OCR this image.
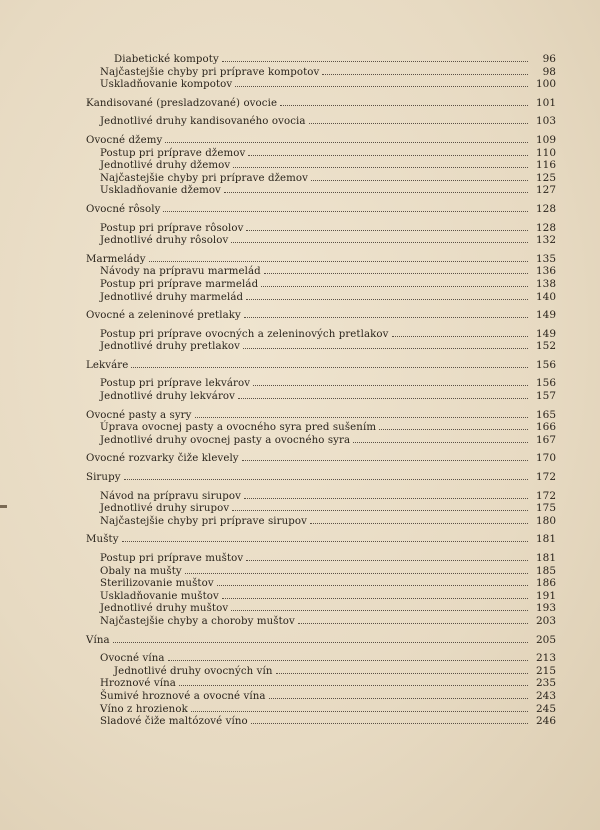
Diabetické kompoty	96
Najčastejšie chyby pri príprave kompotov	98
Uskladňovanie kompotov	100
Kandisované (presladzované) ovocie	101
Jednotlivé druhy kandisovaného ovocia	103
Ovocné džemy	109
Postup pri príprave džemov	110
Jednotlivé druhy džemov	116
Najčastejšie chyby pri príprave džemov	125
Uskladňovanie džemov	127
Ovocné rôsoly	128
Postup pri príprave rôsolov	128
Jednotlivé druhy rôsolov	132
Marmelády	135
Návody na prípravu marmelád	136
Postup pri príprave marmelád	138
Jednotlivé druhy marmelád	140
Ovocné a zeleninové pretlaky	149
Postup pri príprave ovocných a zeleninových pretlakov	149
Jednotlivé druhy pretlakov	152
Lekváre	156
Postup pri príprave lekvárov	156
Jednotlivé druhy lekvárov	157
Ovocné pasty a syry	165
Úprava ovocnej pasty a ovocného syra pred sušením	166
Jednotlivé druhy ovocnej pasty a ovocného syra	167
Ovocné rozvarky čiže klevely	170
Sirupy	172
Návod na prípravu sirupov	172
Jednotlivé druhy sirupov	175
Najčastejšie chyby pri príprave sirupov	180
Mušty	181
Postup pri príprave muštov	181
Obaly na mušty	185
Sterilizovanie muštov	186
Uskladňovanie muštov	191
Jednotlivé druhy muštov	193
Najčastejšie chyby a choroby muštov	203
Vína	205
Ovocné vína	213
Jednotlivé druhy ovocných vín	215
Hroznové vína	235
Šumivé hroznové a ovocné vína	243
Víno z hrozienok	245
Sladové čiže maltózové víno	246
